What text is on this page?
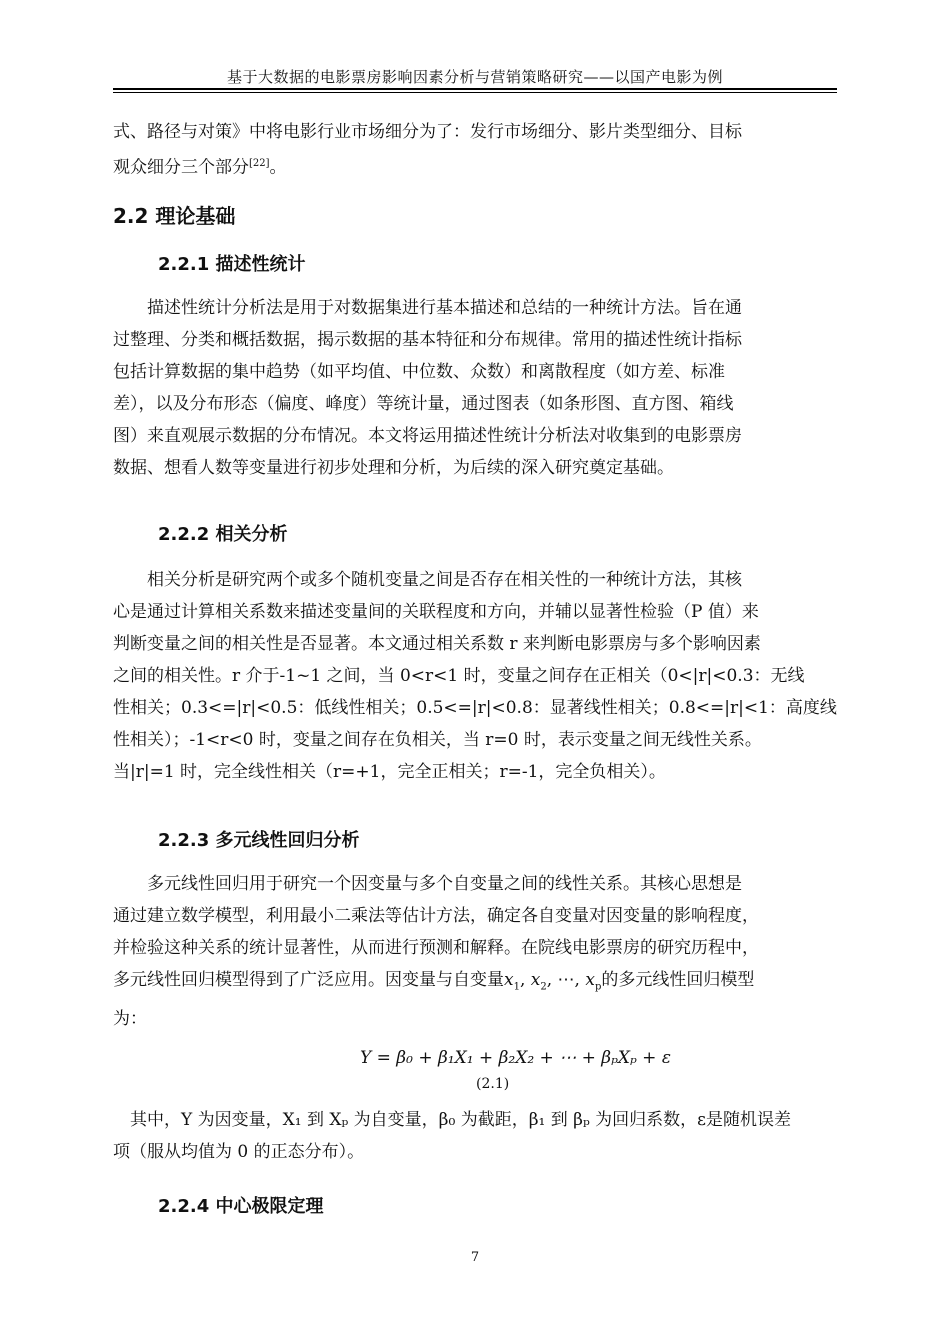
基于大数据的电影票房影响因素分析与营销策略研究——以国产电影为例
式、路径与对策》中将电影行业市场细分为了：发行市场细分、影片类型细分、目标
观众细分三个部分[22]。
2.2 理论基础
2.2.1 描述性统计
描述性统计分析法是用于对数据集进行基本描述和总结的一种统计方法。旨在通
过整理、分类和概括数据，揭示数据的基本特征和分布规律。常用的描述性统计指标
包括计算数据的集中趋势（如平均值、中位数、众数）和离散程度（如方差、标准
差），以及分布形态（偏度、峰度）等统计量，通过图表（如条形图、直方图、箱线
图）来直观展示数据的分布情况。本文将运用描述性统计分析法对收集到的电影票房
数据、想看人数等变量进行初步处理和分析，为后续的深入研究奠定基础。
2.2.2 相关分析
相关分析是研究两个或多个随机变量之间是否存在相关性的一种统计方法，其核
心是通过计算相关系数来描述变量间的关联程度和方向，并辅以显著性检验（P 值）来
判断变量之间的相关性是否显著。本文通过相关系数 r 来判断电影票房与多个影响因素
之间的相关性。r 介于-1~1 之间，当 0<r<1 时，变量之间存在正相关（0<|r|<0.3：无线
性相关；0.3<=|r|<0.5：低线性相关；0.5<=|r|<0.8：显著线性相关；0.8<=|r|<1：高度线
性相关）；-1<r<0 时，变量之间存在负相关，当 r=0 时，表示变量之间无线性关系。
当|r|=1 时，完全线性相关（r=+1，完全正相关；r=-1，完全负相关）。
2.2.3 多元线性回归分析
多元线性回归用于研究一个因变量与多个自变量之间的线性关系。其核心思想是
通过建立数学模型，利用最小二乘法等估计方法，确定各自变量对因变量的影响程度，
并检验这种关系的统计显著性，从而进行预测和解释。在院线电影票房的研究历程中，
多元线性回归模型得到了广泛应用。因变量与自变量$x_1$, $x_2$, ⋯, $x_p$的多元线性回归模型
为：
Y = β₀ + β₁X₁ + β₂X₂ + ⋯ + βₚXₚ + ε
(2.1)
其中，Y 为因变量，X₁ 到 Xₚ 为自变量，β₀ 为截距，β₁ 到 βₚ 为回归系数，ε是随机误差
项（服从均值为 0 的正态分布）。
2.2.4 中心极限定理
7
